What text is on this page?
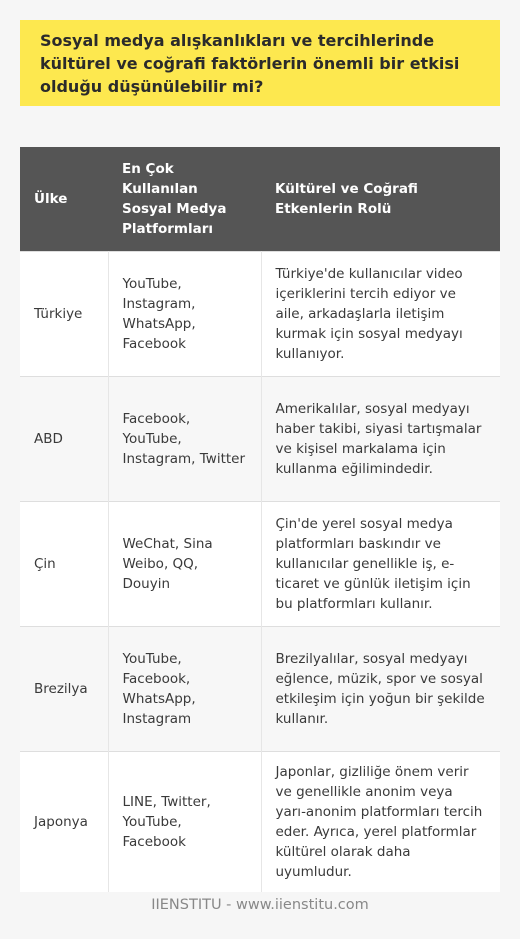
Sosyal medya alışkanlıkları ve tercihlerinde kültürel ve coğrafi faktörlerin önemli bir etkisi olduğu düşünülebilir mi?
Ülke	En Çok Kullanılan Sosyal Medya Platformları	Kültürel ve Coğrafi Etkenlerin Rolü
Türkiye	YouTube, Instagram, WhatsApp, Facebook	Türkiye'de kullanıcılar video içeriklerini tercih ediyor ve aile, arkadaşlarla iletişim kurmak için sosyal medyayı kullanıyor.
ABD	Facebook, YouTube, Instagram, Twitter	Amerikalılar, sosyal medyayı haber takibi, siyasi tartışmalar ve kişisel markalama için kullanma eğilimindedir.
Çin	WeChat, Sina Weibo, QQ, Douyin	Çin'de yerel sosyal medya platformları baskındır ve kullanıcılar genellikle iş, e-ticaret ve günlük iletişim için bu platformları kullanır.
Brezilya	YouTube, Facebook, WhatsApp, Instagram	Brezilyalılar, sosyal medyayı eğlence, müzik, spor ve sosyal etkileşim için yoğun bir şekilde kullanır.
Japonya	LINE, Twitter, YouTube, Facebook	Japonlar, gizliliğe önem verir ve genellikle anonim veya yarı-anonim platformları tercih eder. Ayrıca, yerel platformlar kültürel olarak daha uyumludur.
IIENSTITU - www.iienstitu.com
